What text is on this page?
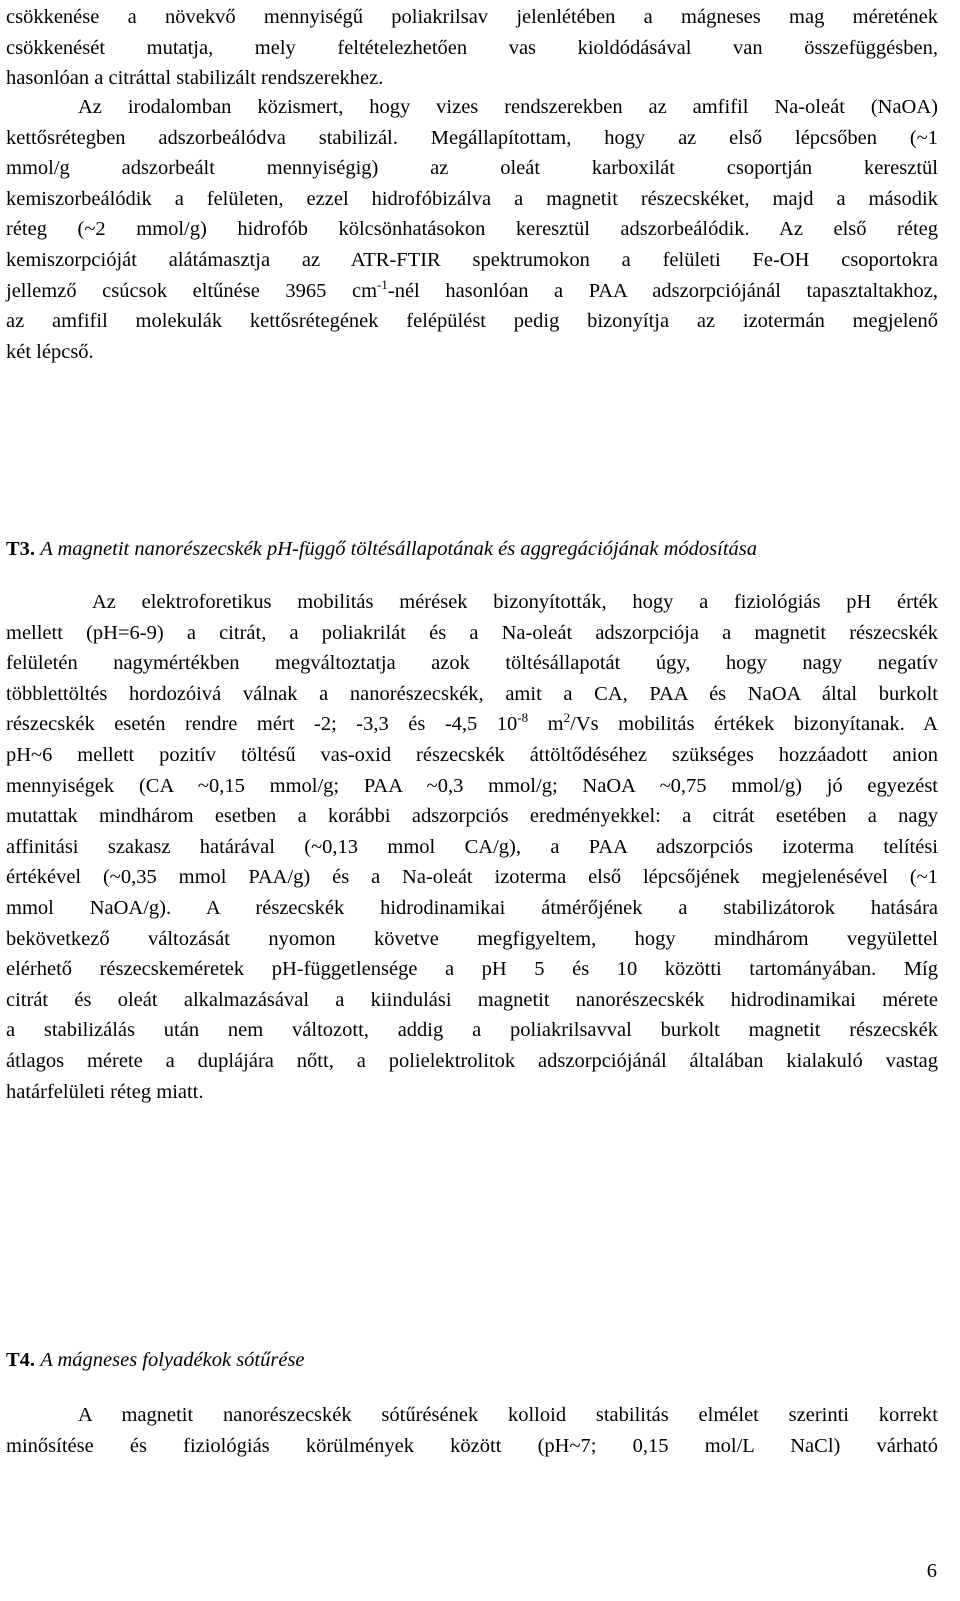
csökkenése a növekvő mennyiségű poliakrilsav jelenlétében a mágneses mag méretének
csökkenését mutatja, mely feltételezhetően vas kioldódásával van összefüggésben,
hasonlóan a citráttal stabilizált rendszerekhez.
Az irodalomban közismert, hogy vizes rendszerekben az amfifil Na-oleát (NaOA)
kettősrétegben adszorbeálódva stabilizál. Megállapítottam, hogy az első lépcsőben (~1
mmol/g adszorbeált mennyiségig) az oleát karboxilát csoportján keresztül
kemiszorbeálódik a felületen, ezzel hidrofóbizálva a magnetit részecskéket, majd a második
réteg (~2 mmol/g) hidrofób kölcsönhatásokon keresztül adszorbeálódik. Az első réteg
kemiszorpcióját alátámasztja az ATR-FTIR spektrumokon a felületi Fe-OH csoportokra
jellemző csúcsok eltűnése 3965 $cm^{-1}$-nél hasonlóan a PAA adszorpciójánál tapasztaltakhoz,
az amfifil molekulák kettősrétegének felépülést pedig bizonyítja az izotermán megjelenő
két lépcső.
T3. A magnetit nanorészecskék pH-függő töltésállapotának és aggregációjának módosítása
Az elektroforetikus mobilitás mérések bizonyították, hogy a fiziológiás pH érték
mellett (pH=6-9) a citrát, a poliakrilát és a Na-oleát adszorpciója a magnetit részecskék
felületén nagymértékben megváltoztatja azok töltésállapotát úgy, hogy nagy negatív
többlettöltés hordozóivá válnak a nanorészecskék, amit a CA, PAA és NaOA által burkolt
részecskék esetén rendre mért -2; -3,3 és -4,5 $10^{-8}$ $m^2/Vs$ mobilitás értékek bizonyítanak. A
pH~6 mellett pozitív töltésű vas-oxid részecskék áttöltődéséhez szükséges hozzáadott anion
mennyiségek (CA ~0,15 mmol/g; PAA ~0,3 mmol/g; NaOA ~0,75 mmol/g) jó egyezést
mutattak mindhárom esetben a korábbi adszorpciós eredményekkel: a citrát esetében a nagy
affinitási szakasz határával (~0,13 mmol CA/g), a PAA adszorpciós izoterma telítési
értékével (~0,35 mmol PAA/g) és a Na-oleát izoterma első lépcsőjének megjelenésével (~1
mmol NaOA/g). A részecskék hidrodinamikai átmérőjének a stabilizátorok hatására
bekövetkező változását nyomon követve megfigyeltem, hogy mindhárom vegyülettel
elérhető részecskeméretek pH-függetlensége a pH 5 és 10 közötti tartományában. Míg
citrát és oleát alkalmazásával a kiindulási magnetit nanorészecskék hidrodinamikai mérete
a stabilizálás után nem változott, addig a poliakrilsavval burkolt magnetit részecskék
átlagos mérete a duplájára nőtt, a polielektrolitok adszorpciójánál általában kialakuló vastag
határfelületi réteg miatt.
T4. A mágneses folyadékok sótűrése
A magnetit nanorészecskék sótűrésének kolloid stabilitás elmélet szerinti korrekt
minősítése és fiziológiás körülmények között (pH~7; 0,15 mol/L NaCl) várható
6
